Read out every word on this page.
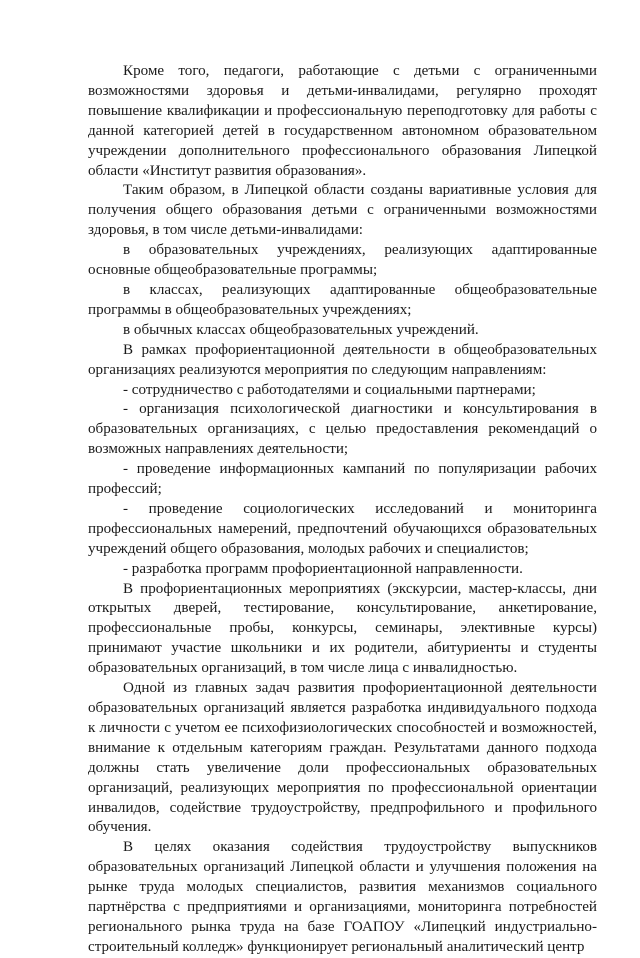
Кроме того, педагоги, работающие с детьми с ограниченными возможностями здоровья и детьми-инвалидами, регулярно проходят повышение квалификации и профессиональную переподготовку для работы с данной категорией детей в государственном автономном образовательном учреждении дополнительного профессионального образования Липецкой области «Институт развития образования».

Таким образом, в Липецкой области созданы вариативные условия для получения общего образования детьми с ограниченными возможностями здоровья, в том числе детьми-инвалидами:

в образовательных учреждениях, реализующих адаптированные основные общеобразовательные программы;

в классах, реализующих адаптированные общеобразовательные программы в общеобразовательных учреждениях;

в обычных классах общеобразовательных учреждений.

В рамках профориентационной деятельности в общеобразовательных организациях реализуются мероприятия по следующим направлениям:

- сотрудничество с работодателями и социальными партнерами;

- организация психологической диагностики и консультирования в образовательных организациях, с целью предоставления рекомендаций о возможных направлениях деятельности;

- проведение информационных кампаний по популяризации рабочих профессий;

- проведение социологических исследований и мониторинга профессиональных намерений, предпочтений обучающихся образовательных учреждений общего образования, молодых рабочих и специалистов;

- разработка программ профориентационной направленности.

В профориентационных мероприятиях (экскурсии, мастер-классы, дни открытых дверей, тестирование, консультирование, анкетирование, профессиональные пробы, конкурсы, семинары, элективные курсы) принимают участие школьники и их родители, абитуриенты и студенты образовательных организаций, в том числе лица с инвалидностью.

Одной из главных задач развития профориентационной деятельности образовательных организаций является разработка индивидуального подхода к личности с учетом ее психофизиологических способностей и возможностей, внимание к отдельным категориям граждан. Результатами данного подхода должны стать увеличение доли профессиональных образовательных организаций, реализующих мероприятия по профессиональной ориентации инвалидов, содействие трудоустройству, предпрофильного и профильного обучения.

В целях оказания содействия трудоустройству выпускников образовательных организаций Липецкой области и улучшения положения на рынке труда молодых специалистов, развития механизмов социального партнёрства с предприятиями и организациями, мониторинга потребностей регионального рынка труда на базе ГОАПОУ «Липецкий индустриально-строительный колледж» функционирует региональный аналитический центр
